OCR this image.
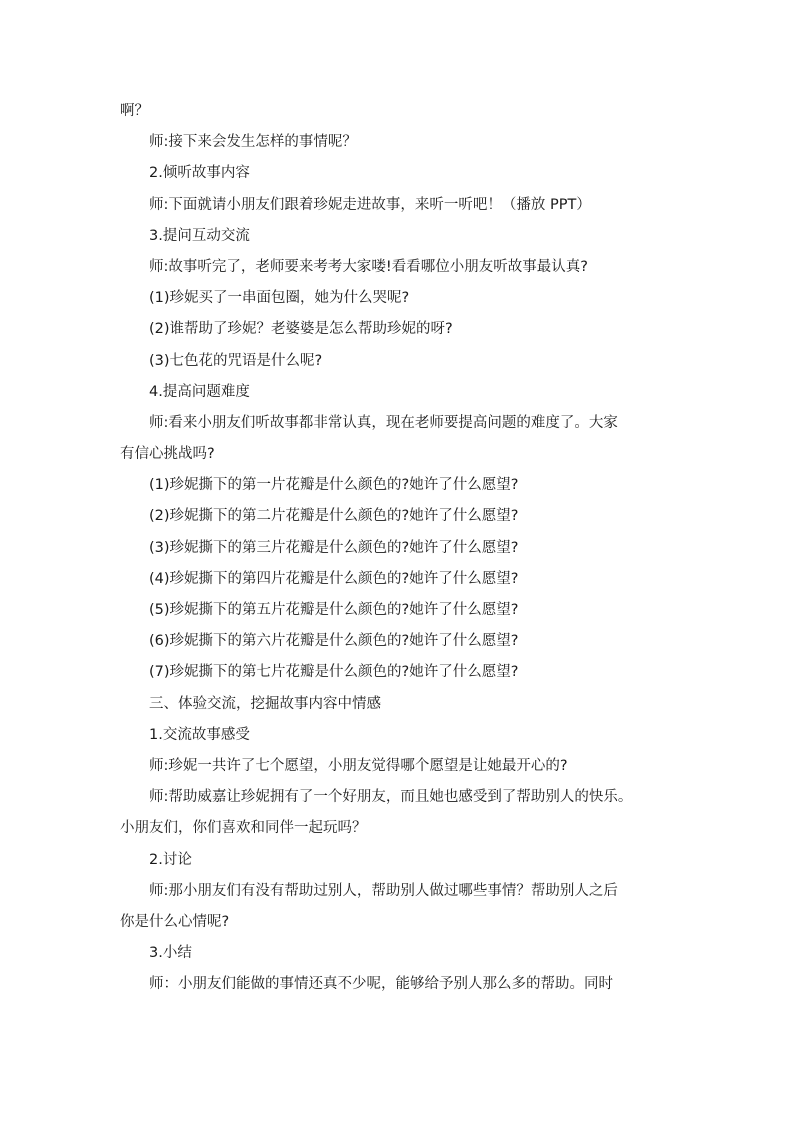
啊？

师:接下来会发生怎样的事情呢？

2.倾听故事内容

师:下面就请小朋友们跟着珍妮走进故事，来听一听吧！（播放 PPT）

3.提问互动交流

师:故事听完了，老师要来考考大家喽!看看哪位小朋友听故事最认真?

(1)珍妮买了一串面包圈，她为什么哭呢?

(2)谁帮助了珍妮？老婆婆是怎么帮助珍妮的呀?

(3)七色花的咒语是什么呢?

4.提高问题难度

师:看来小朋友们听故事都非常认真，现在老师要提高问题的难度了。大家

有信心挑战吗?

(1)珍妮撕下的第一片花瓣是什么颜色的?她许了什么愿望?

(2)珍妮撕下的第二片花瓣是什么颜色的?她许了什么愿望?

(3)珍妮撕下的第三片花瓣是什么颜色的?她许了什么愿望?

(4)珍妮撕下的第四片花瓣是什么颜色的?她许了什么愿望?

(5)珍妮撕下的第五片花瓣是什么颜色的?她许了什么愿望?

(6)珍妮撕下的第六片花瓣是什么颜色的?她许了什么愿望?

(7)珍妮撕下的第七片花瓣是什么颜色的?她许了什么愿望?

三、体验交流，挖掘故事内容中情感

1.交流故事感受

师:珍妮一共许了七个愿望，小朋友觉得哪个愿望是让她最开心的?

师:帮助威嘉让珍妮拥有了一个好朋友，而且她也感受到了帮助别人的快乐。

小朋友们，你们喜欢和同伴一起玩吗？

2.讨论

师:那小朋友们有没有帮助过别人，帮助别人做过哪些事情？帮助别人之后

你是什么心情呢?

3.小结

师：小朋友们能做的事情还真不少呢，能够给予别人那么多的帮助。同时
